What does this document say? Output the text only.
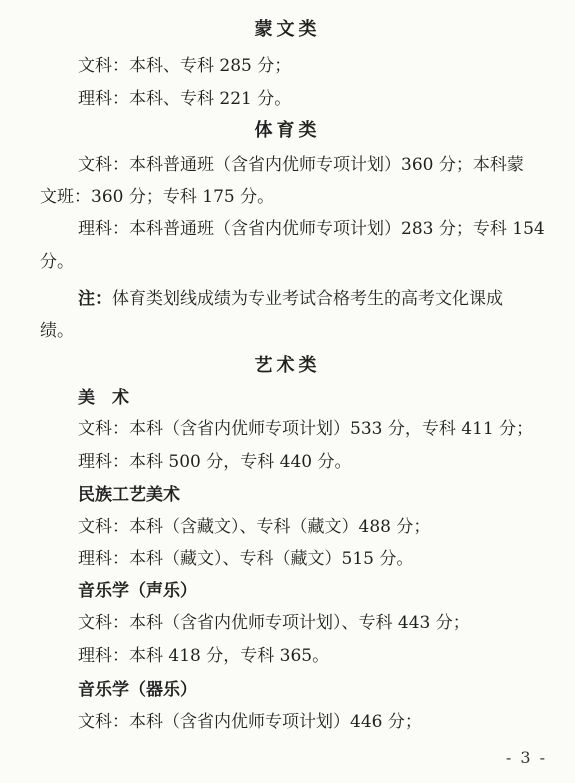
蒙文类
文科：本科、专科 285 分；
理科：本科、专科 221 分。
体育类
文科：本科普通班（含省内优师专项计划）360 分；本科蒙
文班：360 分；专科 175 分。
理科：本科普通班（含省内优师专项计划）283 分；专科 154
分。
注：体育类划线成绩为专业考试合格考生的高考文化课成
绩。
艺术类
美　术
文科：本科（含省内优师专项计划）533 分，专科 411 分；
理科：本科 500 分，专科 440 分。
民族工艺美术
文科：本科（含藏文）、专科（藏文）488 分；
理科：本科（藏文）、专科（藏文）515 分。
音乐学（声乐）
文科：本科（含省内优师专项计划）、专科 443 分；
理科：本科 418 分，专科 365。
音乐学（器乐）
文科：本科（含省内优师专项计划）446 分；
- 3 -
